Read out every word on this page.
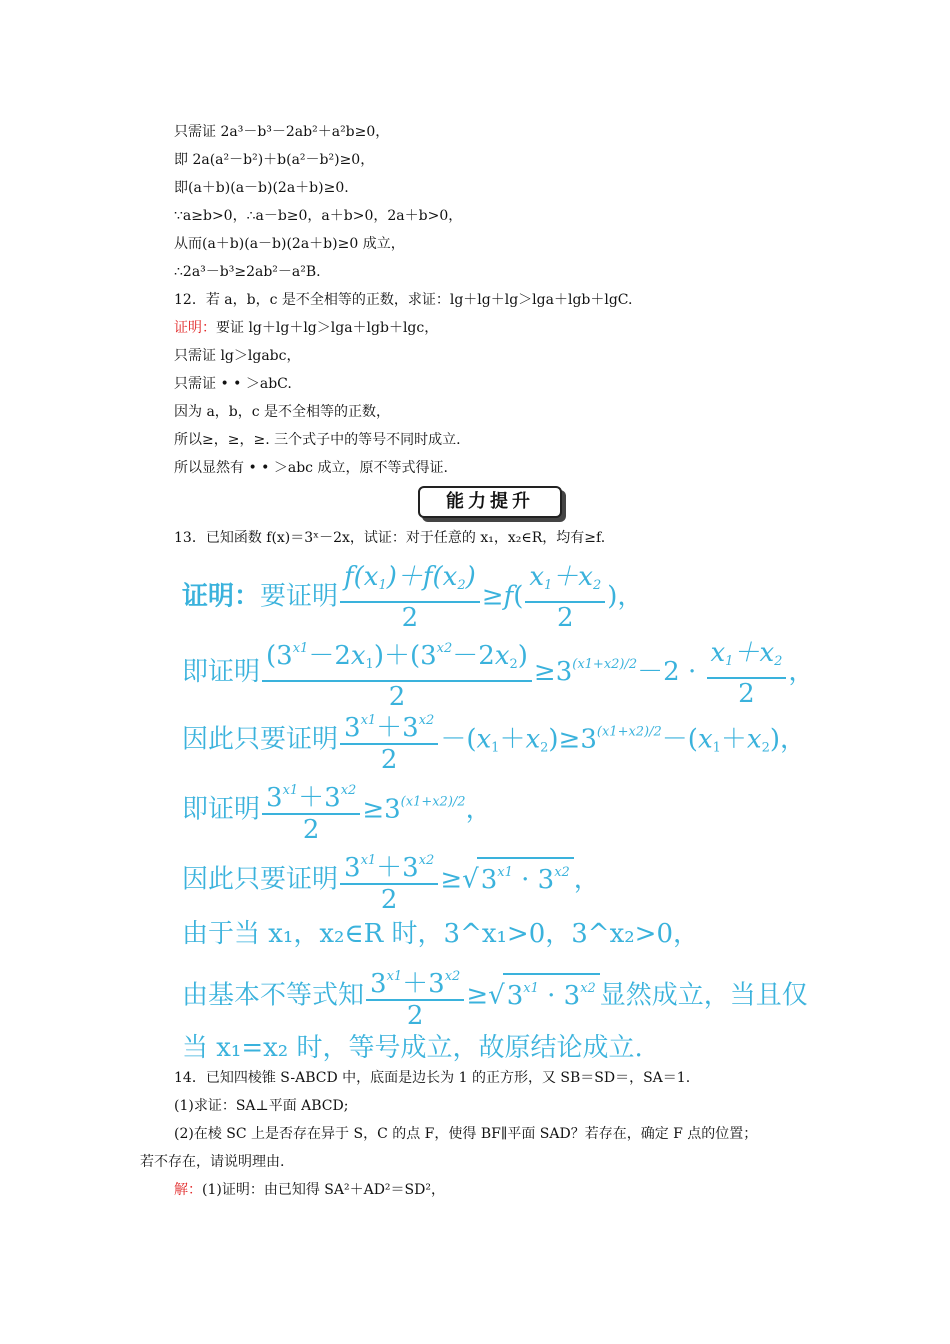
只需证 2a³－b³－2ab²＋a²b≥0，
即 2a(a²－b²)＋b(a²－b²)≥0，
即(a＋b)(a－b)(2a＋b)≥0.
∵a≥b>0，∴a－b≥0，a＋b>0，2a＋b>0，
从而(a＋b)(a－b)(2a＋b)≥0 成立，
∴2a³－b³≥2ab²－a²B.
12．若 a，b，c 是不全相等的正数，求证：lg＋lg＋lg＞lga＋lgb＋lgC.
证明：要证 lg＋lg＋lg＞lga＋lgb＋lgc，
只需证 lg＞lgabc，
只需证 • • ＞abC.
因为 a，b，c 是不全相等的正数，
所以≥，≥，≥. 三个式子中的等号不同时成立.
所以显然有 • • ＞abc 成立，原不等式得证.
能力提升
13．已知函数 f(x)＝3ˣ－2x，试证：对于任意的 x₁，x₂∈R，均有≥f.
证明：要证明 $\frac{f(x_1)+f(x_2)}{2} \ge f( \frac{x_1+x_2}{2}$ )，
即证明 $\frac{(3^{x1}-2x_1)+(3^{x2}-2x_2)}{2} \ge 3^{(x1+x2)/2}-2 \cdot \frac{x_1+x_2}{2}$ ，
因此只要证明 $\frac{3^{x1}+3^{x2}}{2} -(x_1+x_2)\ge 3^{(x1+x2)/2}-(x_1+x_2)$，
即证明 $\frac{3^{x1}+3^{x2}}{2} \ge 3^{(x1+x2)/2}$，
因此只要证明 $\frac{3^{x1}+3^{x2}}{2} \ge√3^{x1} \cdot 3^{x2}$ ，
由于当 x₁，x₂∈R 时，3^x₁>0，3^x₂>0，
由基本不等式知 $\frac{3^{x1}+3^{x2}}{2} \ge√3^{x1} \cdot 3^{x2}$ 显然成立，当且仅
当 x₁=x₂ 时，等号成立，故原结论成立.
14．已知四棱锥 S-ABCD 中，底面是边长为 1 的正方形，又 SB＝SD＝，SA＝1.
(1)求证：SA⊥平面 ABCD;
(2)在棱 SC 上是否存在异于 S，C 的点 F，使得 BF∥平面 SAD？若存在，确定 F 点的位置；
若不存在，请说明理由.
解：(1)证明：由已知得 SA²＋AD²＝SD²，
